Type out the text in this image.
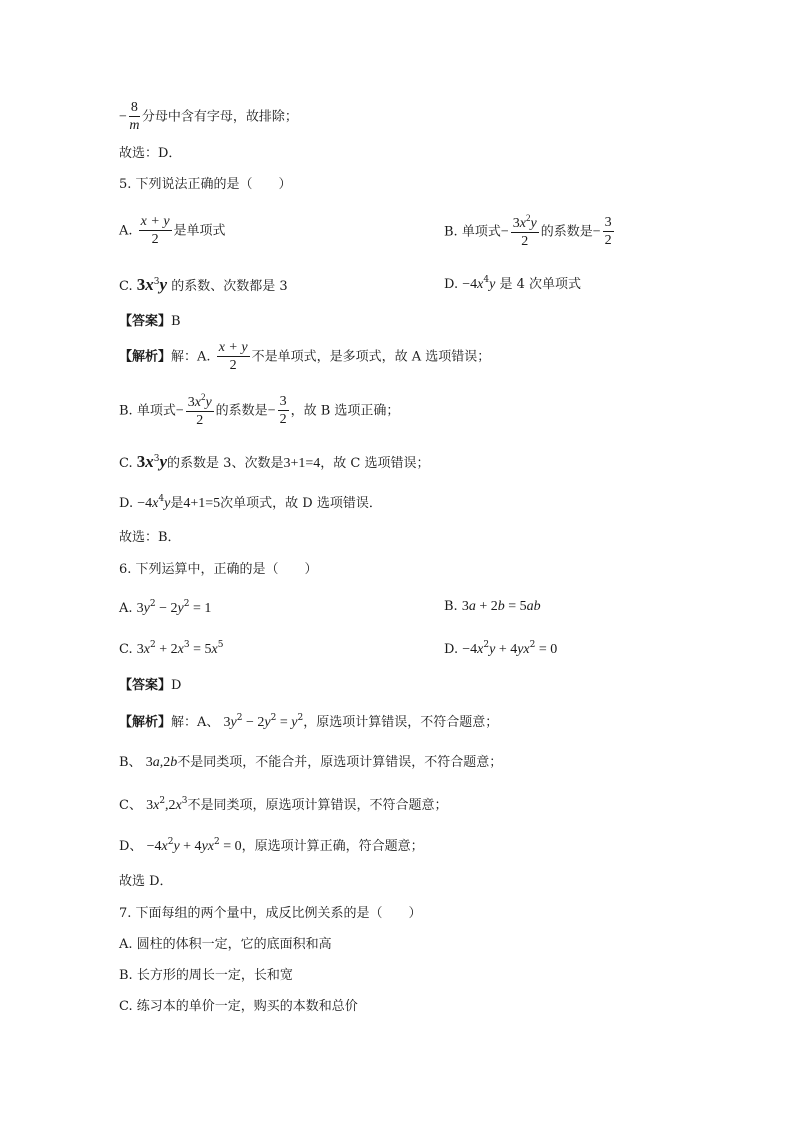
− $\frac{8}{m}$ 分母中含有字母，故排除；
故选：D．
5. 下列说法正确的是（　　）
A. $\frac{x + y}{2}$ 是单项式	B. 单项式− $\frac{3x^2y}{2}$ 的系数是− $\frac{3}{2}$
C. $3x^3y$ 的系数、次数都是 3	D. $-4x^4y$ 是 4 次单项式
【答案】B
【解析】解：A. $\frac{x + y}{2}$ 不是单项式，是多项式，故 A 选项错误；
B. 单项式− $\frac{3x^2y}{2}$ 的系数是− $\frac{3}{2}$ ，故 B 选项正确；
C. $3x^3y$的系数是 3、次数是3+1=4，故 C 选项错误；
D. $-4x^4y$是4+1=5次单项式，故 D 选项错误．
故选：B．
6. 下列运算中，正确的是（　　）
A. $3y^2 - 2y^2 = 1$	B. 3a + 2b = 5ab
C. $3x^2 + 2x^3 = 5x^5$	D. $-4x^2y + 4yx^2 = 0$
【答案】D
【解析】解：A、 $3y^2 - 2y^2 = y^2$，原选项计算错误，不符合题意；
B、 3a,2b不是同类项，不能合并，原选项计算错误，不符合题意；
C、 $3x^2,2x^3$不是同类项，原选项计算错误，不符合题意；
D、 $-4x^2y + 4yx^2 = 0$，原选项计算正确，符合题意；
故选 D．
7. 下面每组的两个量中，成反比例关系的是（　　）
A. 圆柱的体积一定，它的底面积和高
B. 长方形的周长一定，长和宽
C. 练习本的单价一定，购买的本数和总价
